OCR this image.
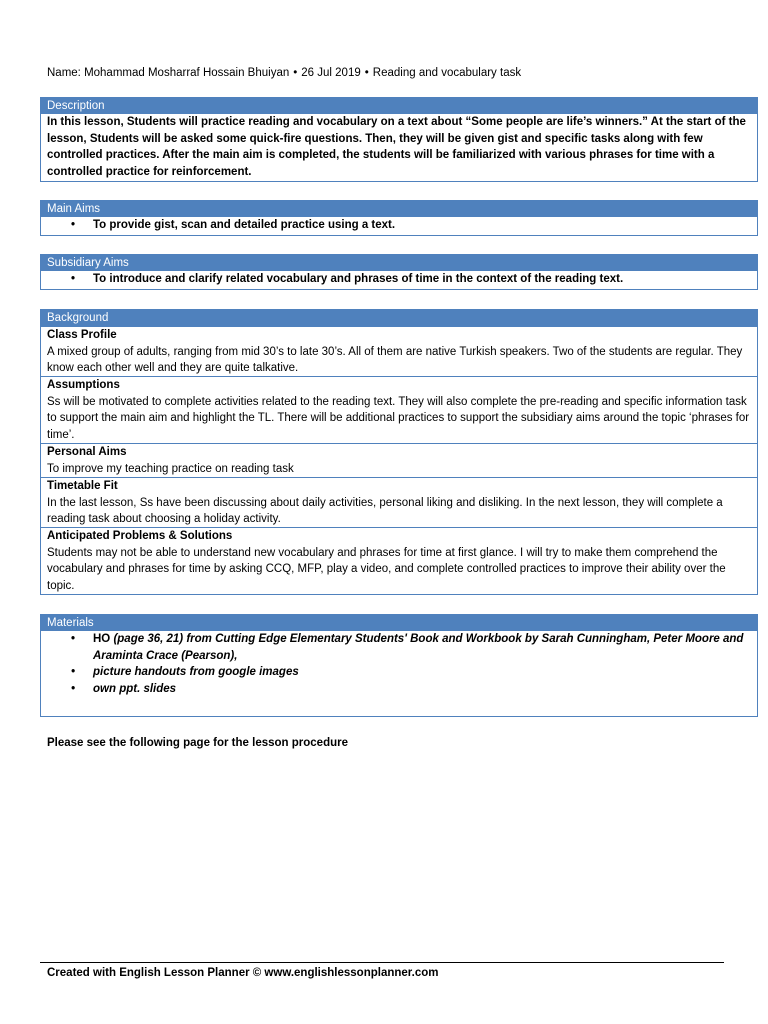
Name: Mohammad Mosharraf Hossain Bhuiyan • 26 Jul 2019 • Reading and vocabulary task
Description
In this lesson, Students will practice reading and vocabulary on a text about “Some people are life’s winners.” At the start of the lesson, Students will be asked some quick-fire questions. Then, they will be given gist and specific tasks along with few controlled practices. After the main aim is completed, the students will be familiarized with various phrases for time with a controlled practice for reinforcement.
Main Aims
• To provide gist, scan and detailed practice using a text.
Subsidiary Aims
• To introduce and clarify related vocabulary and phrases of time in the context of the reading text.
Background
Class Profile
A mixed group of adults, ranging from mid 30’s to late 30’s. All of them are native Turkish speakers. Two of the students are regular. They know each other well and they are quite talkative.
Assumptions
Ss will be motivated to complete activities related to the reading text. They will also complete the pre-reading and specific information task to support the main aim and highlight the TL. There will be additional practices to support the subsidiary aims around the topic ‘phrases for time’.
Personal Aims
To improve my teaching practice on reading task
Timetable Fit
In the last lesson, Ss have been discussing about daily activities, personal liking and disliking. In the next lesson, they will complete a reading task about choosing a holiday activity.
Anticipated Problems & Solutions
Students may not be able to understand new vocabulary and phrases for time at first glance. I will try to make them comprehend the vocabulary and phrases for time by asking CCQ, MFP, play a video, and complete controlled practices to improve their ability over the topic.
Materials
• HO (page 36, 21) from Cutting Edge Elementary Students' Book and Workbook by Sarah Cunningham, Peter Moore and Araminta Crace (Pearson),
• picture handouts from google images
• own ppt. slides
Please see the following page for the lesson procedure
Created with English Lesson Planner © www.englishlessonplanner.com
